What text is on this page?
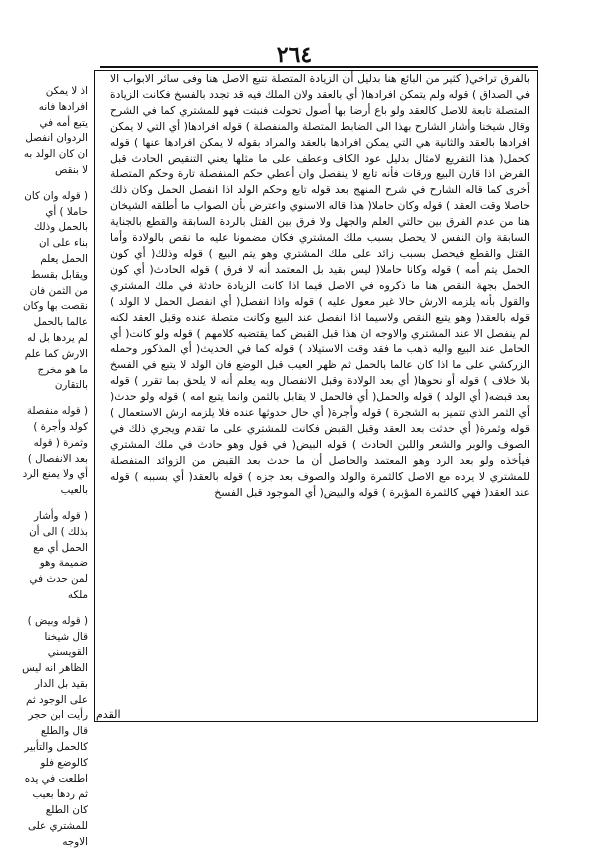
٢٦٤

بالفرق تراخي( كثير من البائع هنا بدليل أن الزيادة المتصلة تتبع الاصل هنا وفى سائر الابواب الا في الصداق ) قوله ولم يتمكن افرادها( أي بالعقد ولان الملك فيه قد تجدد بالفسخ فكانت الزيادة المتصلة تابعة للاصل كالعقد ولو باع أرضا بها أصول تحولت فنبتت فهو للمشتري كما في الشرح وقال شيخنا وأشار الشارح بهذا الى الضابط المتصلة والمنفصلة ) قوله افرادها( أي التي لا يمكن افرادها بالعقد والثانية هي التي يمكن افرادها بالعقد والمراد بقوله لا يمكن افرادها عنها ) قوله كحمل( هذا التفريع لامثال بدليل عود الكاف وعطف على ما مثلها يعني التنقيص الحادث قبل الفرض اذا قارن البيع ورقات فأنه تابع لا ينفصل وان أعطي حكم المنفصلة تارة وحكم المتصلة أخرى كما قاله الشارح في شرح المنهج بعد قوله تابع وحكم الولد اذا انفصل الحمل وكان ذلك حاصلا وقت العقد ) قوله وكان حاملا( هذا قاله الاسنوي واعترض بأن الصواب ما أطلقه الشيخان هنا من عدم الفرق بين حالتي العلم والجهل ولا فرق بين القتل بالردة السابقة والقطع بالجناية السابقة وان النفس لا يحصل بسبب ملك المشتري فكان مضمونا عليه ما نقص بالولادة وأما القتل والقطع فيحصل بسبب زائد على ملك المشتري وهو يتم البيع ) قوله وذلك( أي كون الحمل يتم أمه ) قوله وكانا حاملا( ليس بقيد بل المعتمد أنه لا فرق ) قوله الحادث( أي كون الحمل بجهة النقص هنا ما ذكروه في الاصل فيما اذا كانت الزيادة حادثة في ملك المشتري والقول بأنه يلزمه الارش حالا غير معول عليه ) قوله واذا انفصل( أي انفصل الحمل لا الولد ) قوله بالعقد( وهو يتبع النقص ولاسيما اذا انفصل عند البيع وكانت متصلة عنده وقبل العقد لكنه لم ينفصل الا عند المشتري والاوجه ان هذا قبل القبض كما يقتضيه كلامهم ) قوله ولو كانت( أي الحامل عند البيع واليه ذهب ما فقد وقت الاستيلاد ) قوله كما في الحديث( أي المذكور وحمله الزركشي على ما اذا كان عالما بالحمل ثم ظهر العيب قبل الوضع فان الولد لا يتبع في الفسخ بلا خلاف ) قوله أو نحوها( أي بعد الولادة وقبل الانفصال وبه يعلم أنه لا يلحق بما تقرر ) قوله بعد قبضه( أي الولد ) قوله والحمل( أي فالحمل لا يقابل بالثمن وانما يتبع امه ) قوله ولو حدث( أي الثمر الذي تتميز به الشجرة ) قوله وأجرة( أي حال حدوثها عنده فلا يلزمه ارش الاستعمال ) قوله وثمرة( أي حدثت بعد العقد وقبل القبض فكانت للمشتري على ما تقدم ويجري ذلك في الصوف والوبر والشعر واللبن الحادث ) قوله البيض( في قول وهو حادث في ملك المشتري فيأخذه ولو بعد الرد وهو المعتمد والحاصل أن ما حدث بعد القبض من الزوائد المنفصلة للمشتري لا يرده مع الاصل كالثمرة والولد والصوف بعد جزه ) قوله بالعقد( أي بسببه ) قوله عند العقد( فهي كالثمرة المؤبرة ) قوله والبيض( أي الموجود قبل الفسخ

اذ لا يمكن افرادها فانه يتبع أمه في الردوان انفصل ان كان الولد به لا بنقص

( قوله وان كان حاملا ) أي بالحمل وذلك بناء على ان الحمل يعلم ويقابل بقسط من الثمن فان نقصت بها وكان عالما بالحمل لم يردها بل له الارش كما علم ما هو مخرج بالتقارن

( قوله منفصلة كولد وأجرة ) وثمرة ( قوله بعد الانفصال ) أي ولا يمنع الرد بالعيب

( قوله وأشار بذلك ) الى أن الحمل أي مع ضميمة وهو لمن حدث في ملكه

( قوله وبيض ) قال شيخنا القويسني الظاهر انه ليس بقيد بل الدار على الوجود ثم رأيت ابن حجر قال والطلع كالحمل والتأبير كالوضع فلو اطلعت في يده ثم ردها بعيب كان الطلع للمشتري على الاوجه

القدم
